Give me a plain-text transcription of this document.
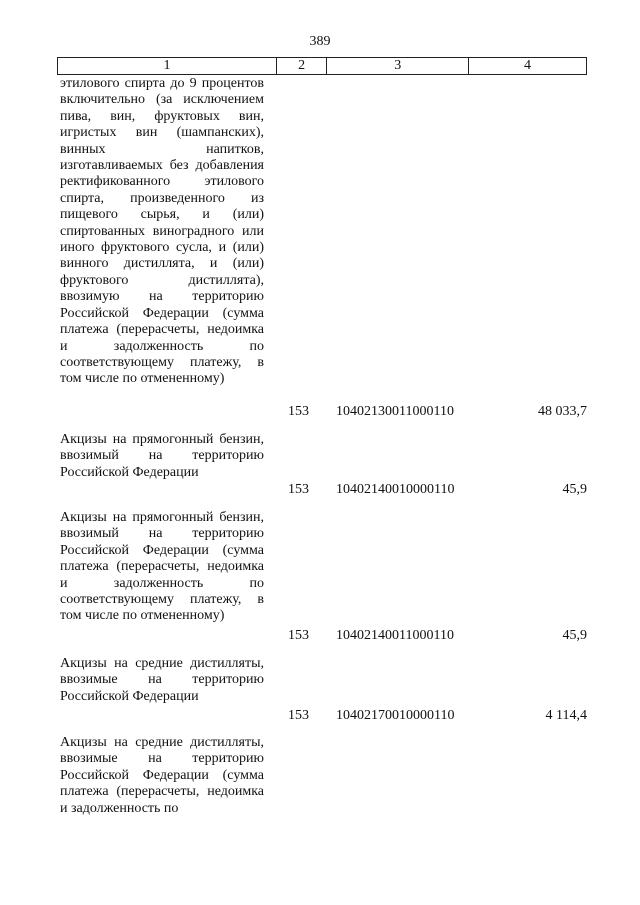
389
1	2	3	4
этилового спирта до 9 процентов включительно (за исключением пива, вин, фруктовых вин, игристых вин (шампанских), винных напитков, изготавливаемых без добавления ректификованного этилового спирта, произведенного из пищевого сырья, и (или) спиртованных виноградного или иного фруктового сусла, и (или) винного дистиллята, и (или) фруктового дистиллята), ввозимую на территорию Российской Федерации (сумма платежа (перерасчеты, недоимка и задолженность по соответствующему платежу, в том числе по отмененному)
153 10402130011000110	48 033,7
Акцизы на прямогонный бензин, ввозимый на территорию Российской Федерации
153 10402140010000110	45,9
Акцизы на прямогонный бензин, ввозимый на территорию Российской Федерации (сумма платежа (перерасчеты, недоимка и задолженность по соответствующему платежу, в том числе по отмененному)
153 10402140011000110	45,9
Акцизы на средние дистилляты, ввозимые на территорию Российской Федерации
153 10402170010000110	4 114,4
Акцизы на средние дистилляты, ввозимые на территорию Российской Федерации (сумма платежа (перерасчеты, недоимка и задолженность по
